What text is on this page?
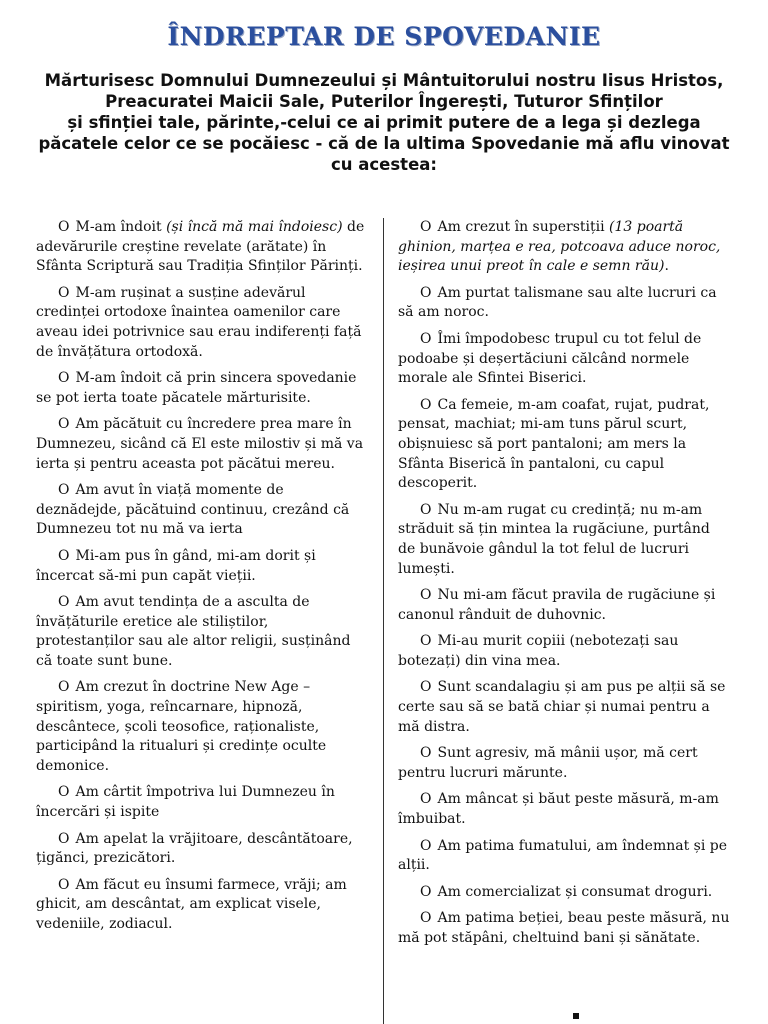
ÎNDREPTAR DE SPOVEDANIE
Mărturisesc Domnului Dumnezeului și Mântuitorului nostru Iisus Hristos,
Preacuratei Maicii Sale, Puterilor Îngerești, Tuturor Sfinților
și sfinției tale, părinte,-celui ce ai primit putere de a lega și dezlega păcatele celor ce se pocăiesc - că de la ultima Spovedanie mă aflu vinovat cu acestea:

O M-am îndoit (și încă mă mai îndoiesc) de adevărurile creștine revelate (arătate) în Sfânta Scriptură sau Tradiția Sfinților Părinți.

O M-am rușinat a susține adevărul credinței ortodoxe înaintea oamenilor care aveau idei potrivnice sau erau indiferenți față de învățătura ortodoxă.

O M-am îndoit că prin sincera spovedanie se pot ierta toate păcatele mărturisite.

O Am păcătuit cu încredere prea mare în Dumnezeu, sicând că El este milostiv și mă va ierta și pentru aceasta pot păcătui mereu.

O Am avut în viață momente de deznădejde, păcătuind continuu, crezând că Dumnezeu tot nu mă va ierta

O Mi-am pus în gând, mi-am dorit și încercat să-mi pun capăt vieții.

O Am avut tendința de a asculta de învățăturile eretice ale stiliștilor, protestanților sau ale altor religii, susținând că toate sunt bune.

O Am crezut în doctrine New Age – spiritism, yoga, reîncarnare, hipnoză, descântece, școli teosofice, raționaliste, participând la ritualuri și credințe oculte demonice.

O Am cârtit împotriva lui Dumnezeu în încercări și ispite

O Am apelat la vrăjitoare, descântătoare, țigănci, prezicători.

O Am făcut eu însumi farmece, vrăji; am ghicit, am descântat, am explicat visele, vedeniile, zodiacul.

O Am crezut în superstiții (13 poartă ghinion, marțea e rea, potcoava aduce noroc, ieșirea unui preot în cale e semn rău).

O Am purtat talismane sau alte lucruri ca să am noroc.

O Îmi împodobesc trupul cu tot felul de podoabe și deșertăciuni călcând normele morale ale Sfintei Biserici.

O Ca femeie, m-am coafat, rujat, pudrat, pensat, machiat; mi-am tuns părul scurt, obișnuiesc să port pantaloni; am mers la Sfânta Biserică în pantaloni, cu capul descoperit.

O Nu m-am rugat cu credință; nu m-am străduit să țin mintea la rugăciune, purtând de bunăvoie gândul la tot felul de lucruri lumești.

O Nu mi-am făcut pravila de rugăciune și canonul rânduit de duhovnic.

O Mi-au murit copiii (nebotezați sau botezați) din vina mea.

O Sunt scandalagiu și am pus pe alții să se certe sau să se bată chiar și numai pentru a mă distra.

O Sunt agresiv, mă mânii ușor, mă cert pentru lucruri mărunte.

O Am mâncat și băut peste măsură, m-am îmbuibat.

O Am patima fumatului, am îndemnat și pe alții.

O Am comercializat și consumat droguri.

O Am patima beției, beau peste măsură, nu mă pot stăpâni, cheltuind bani și sănătate.
